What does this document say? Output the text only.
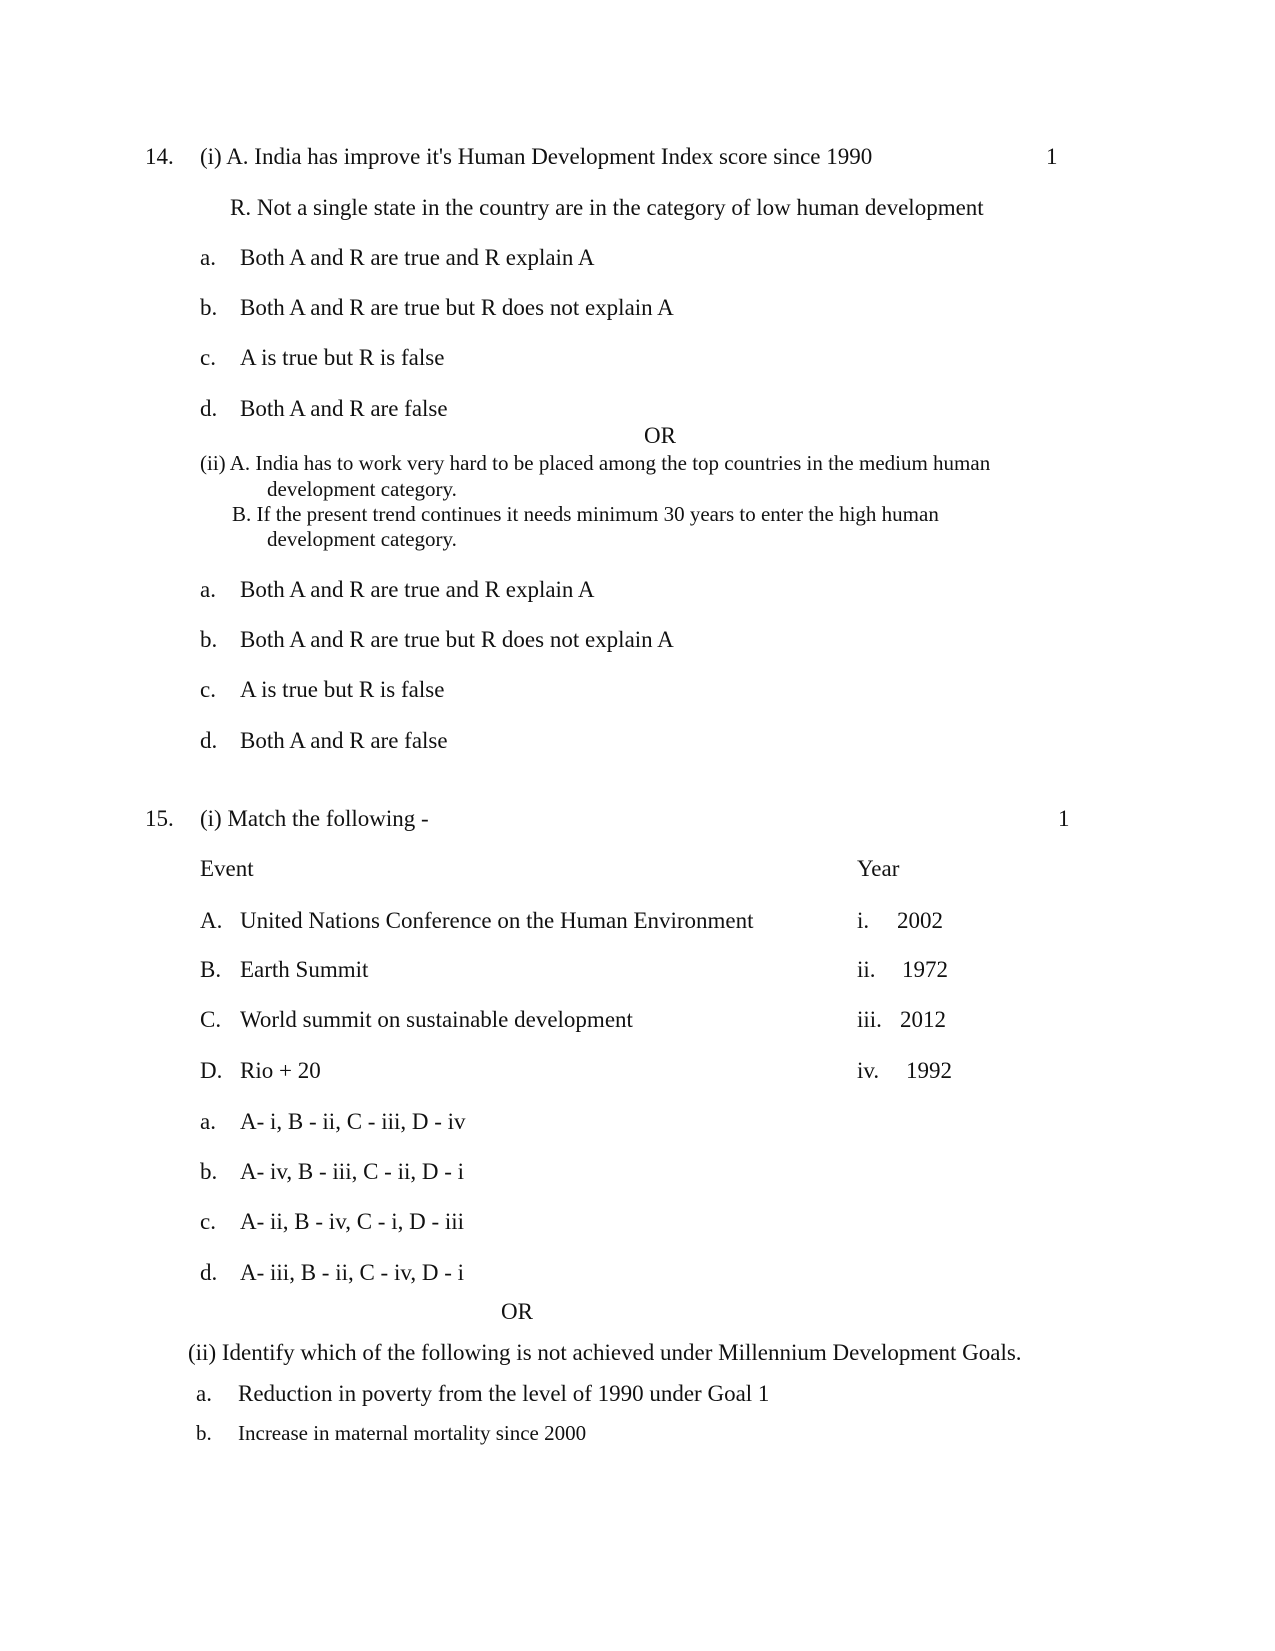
14. (i) A. India has improve it's Human Development Index score since 1990	1
R. Not a single state in the country are in the category of low human development
a. Both A and R are true and R explain A
b. Both A and R are true but R does not explain A
c. A is true but R is false
d. Both A and R are false
OR
(ii) A. India has to work very hard to be placed among the top countries in the medium human
development category.
B. If the present trend continues it needs minimum 30 years to enter the high human
development category.
a. Both A and R are true and R explain A
b. Both A and R are true but R does not explain A
c. A is true but R is false
d. Both A and R are false
15. (i) Match the following -	1
Event	Year
A. United Nations Conference on the Human Environment	i. 2002
B. Earth Summit	ii. 1972
C. World summit on sustainable development	iii. 2012
D. Rio + 20	iv. 1992
a. A- i, B - ii, C - iii, D - iv
b. A- iv, B - iii, C - ii, D - i
c. A- ii, B - iv, C - i, D - iii
d. A- iii, B - ii, C - iv, D - i
OR
(ii) Identify which of the following is not achieved under Millennium Development Goals.
a. Reduction in poverty from the level of 1990 under Goal 1
b. Increase in maternal mortality since 2000
